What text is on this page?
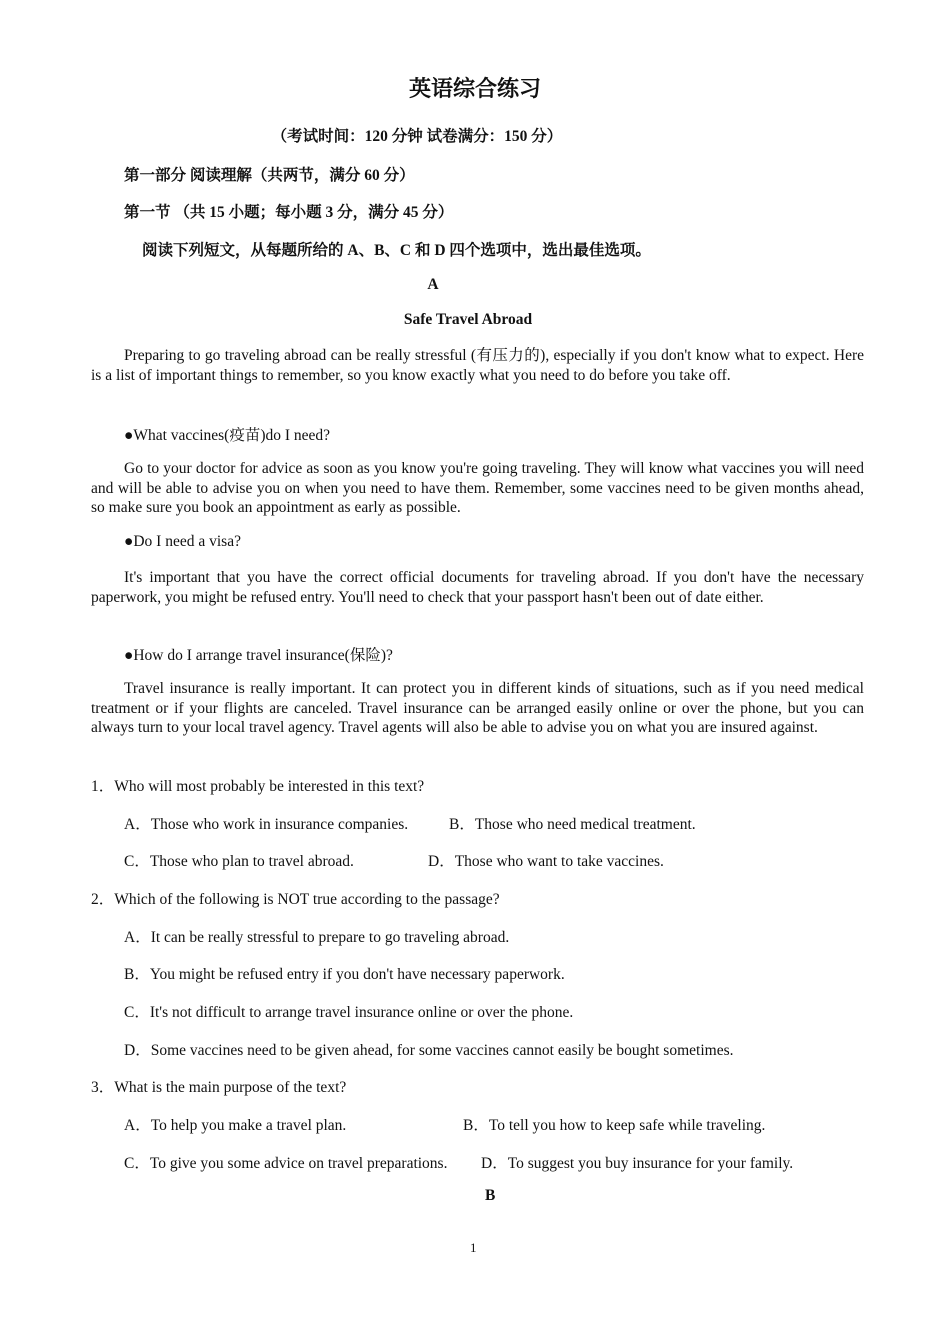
英语综合练习
（考试时间：120 分钟 试卷满分：150 分）
第一部分 阅读理解（共两节，满分 60 分）
第一节 （共 15 小题；每小题 3 分，满分 45 分）
阅读下列短文，从每题所给的 A、B、C 和 D 四个选项中，选出最佳选项。
A
Safe Travel Abroad
Preparing to go traveling abroad can be really stressful (有压力的), especially if you don't know what to expect. Here is a list of important things to remember, so you know exactly what you need to do before you take off.
●What vaccines(疫苗)do I need?
Go to your doctor for advice as soon as you know you're going traveling. They will know what vaccines you will need and will be able to advise you on when you need to have them. Remember, some vaccines need to be given months ahead, so make sure you book an appointment as early as possible.
●Do I need a visa?
It's important that you have the correct official documents for traveling abroad. If you don't have the necessary paperwork, you might be refused entry. You'll need to check that your passport hasn't been out of date either.
●How do I arrange travel insurance(保险)?
Travel insurance is really important. It can protect you in different kinds of situations, such as if you need medical treatment or if your flights are canceled. Travel insurance can be arranged easily online or over the phone, but you can always turn to your local travel agency. Travel agents will also be able to advise you on what you are insured against.
1．Who will most probably be interested in this text?
A．Those who work in insurance companies.	B．Those who need medical treatment.
C．Those who plan to travel abroad.	D．Those who want to take vaccines.
2．Which of the following is NOT true according to the passage?
A．It can be really stressful to prepare to go traveling abroad.
B．You might be refused entry if you don't have necessary paperwork.
C．It's not difficult to arrange travel insurance online or over the phone.
D．Some vaccines need to be given ahead, for some vaccines cannot easily be bought sometimes.
3．What is the main purpose of the text?
A．To help you make a travel plan.	B．To tell you how to keep safe while traveling.
C．To give you some advice on travel preparations. D．To suggest you buy insurance for your family.
B
1
